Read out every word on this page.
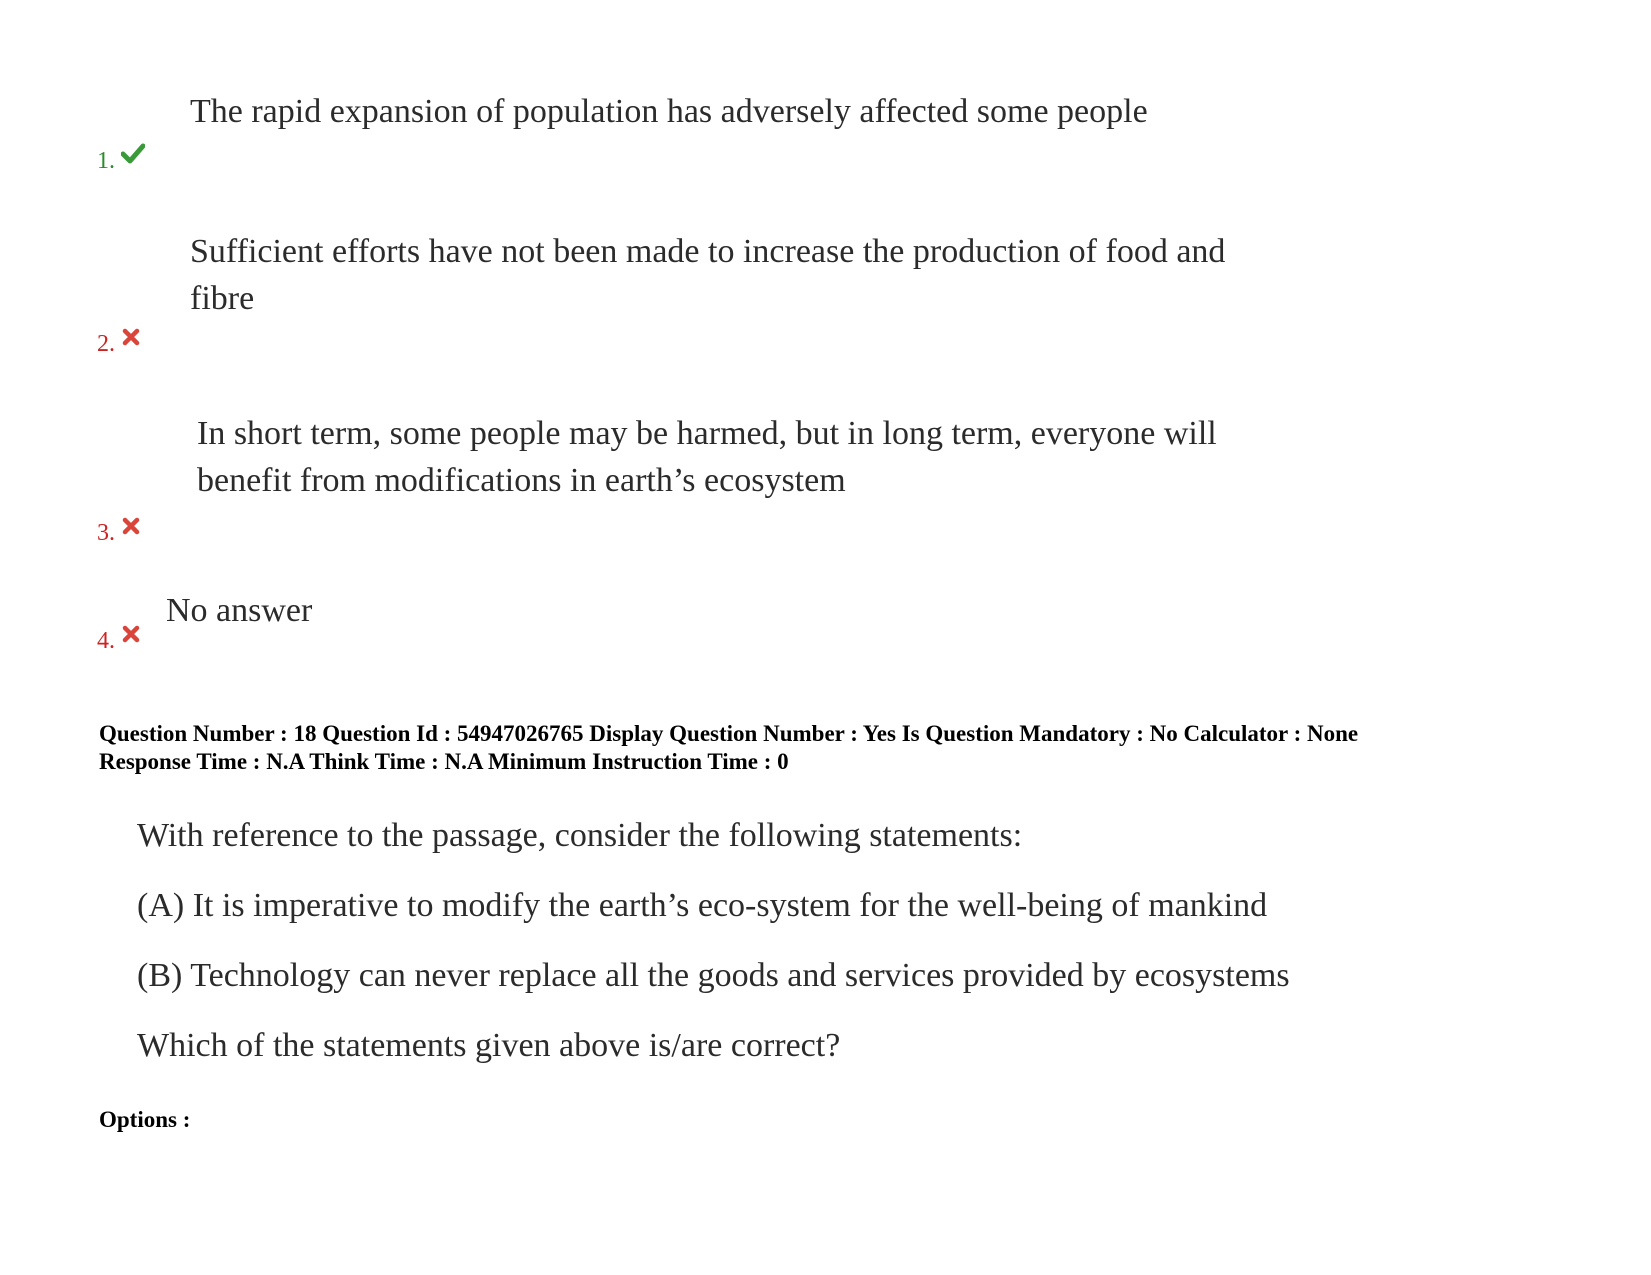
The rapid expansion of population has adversely affected some people
1.
Sufficient efforts have not been made to increase the production of food and
fibre
2.
In short term, some people may be harmed, but in long term, everyone will
benefit from modifications in earth’s ecosystem
3.
No answer
4.
Question Number : 18 Question Id : 54947026765 Display Question Number : Yes Is Question Mandatory : No Calculator : None
Response Time : N.A Think Time : N.A Minimum Instruction Time : 0
With reference to the passage, consider the following statements:
(A) It is imperative to modify the earth’s eco-system for the well-being of mankind
(B) Technology can never replace all the goods and services provided by ecosystems
Which of the statements given above is/are correct?
Options :
